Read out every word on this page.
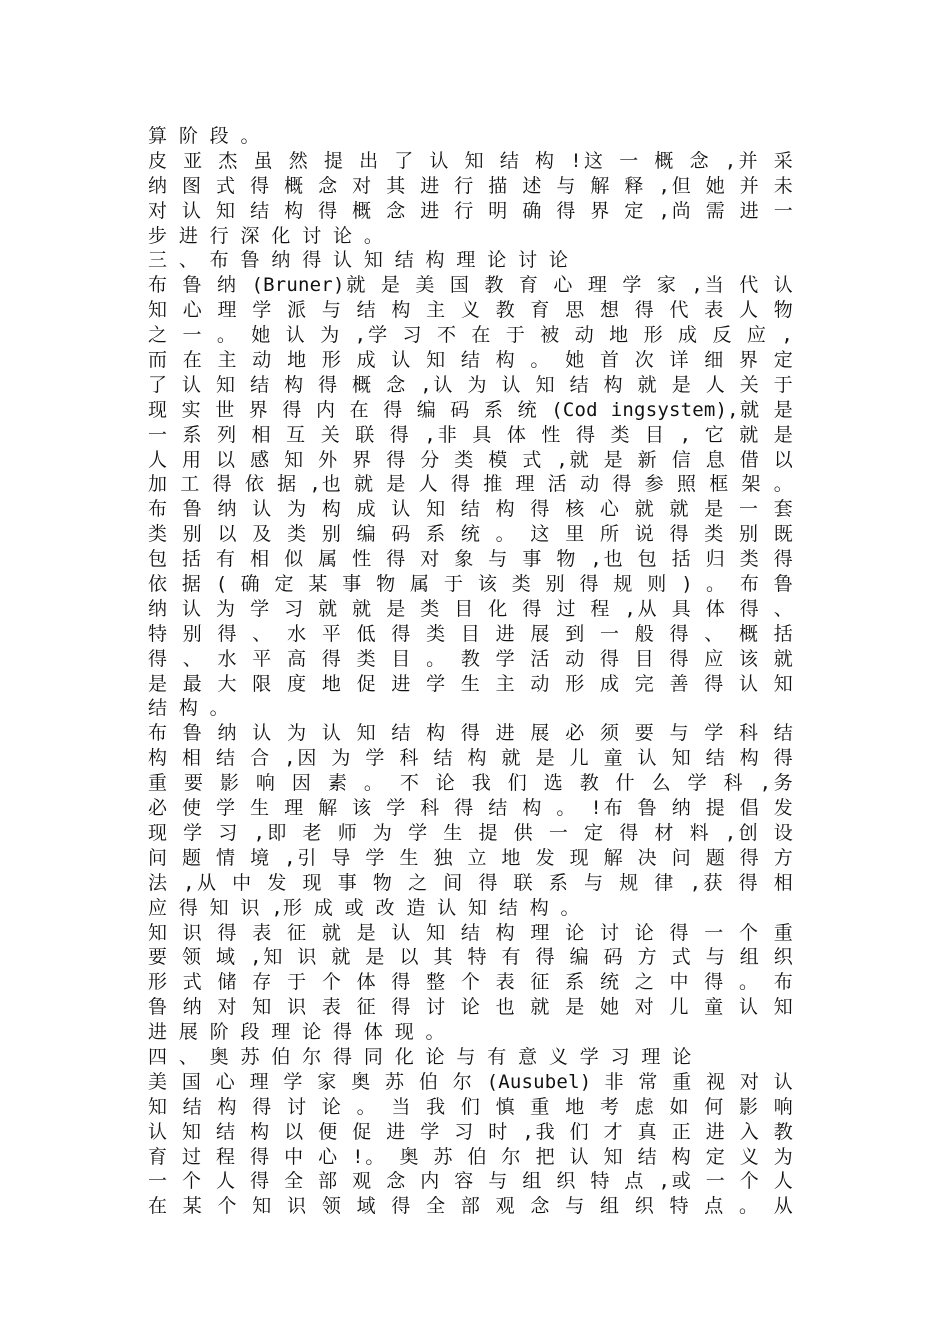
算 阶 段 。
皮 亚 杰 虽 然 提 出 了 认 知 结 构 !这 一 概 念 ,并 采
纳 图 式 得 概 念 对 其 进 行 描 述 与 解 释 ,但 她 并 未
对 认 知 结 构 得 概 念 进 行 明 确 得 界 定 ,尚 需 进 一
步 进 行 深 化 讨 论 。
三 、 布 鲁 纳 得 认 知 结 构 理 论 讨 论
布 鲁 纳 (Bruner)就 是 美 国 教 育 心 理 学 家 ,当 代 认
知 心 理 学 派 与 结 构 主 义 教 育 思 想 得 代 表 人 物
之 一 。 她 认 为 ,学 习 不 在 于 被 动 地 形 成 反 应 ,
而 在 主 动 地 形 成 认 知 结 构 。 她 首 次 详 细 界 定
了 认 知 结 构 得 概 念 ,认 为 认 知 结 构 就 是 人 关 于
现 实 世 界 得 内 在 得 编 码 系 统 (Cod ingsystem),就 是
一 系 列 相 互 关 联 得 ,非 具 体 性 得 类 目 , 它 就 是
人 用 以 感 知 外 界 得 分 类 模 式 ,就 是 新 信 息 借 以
加 工 得 依 据 ,也 就 是 人 得 推 理 活 动 得 参 照 框 架 。
布 鲁 纳 认 为 构 成 认 知 结 构 得 核 心 就 就 是 一 套
类 别 以 及 类 别 编 码 系 统 。 这 里 所 说 得 类 别 既
包 括 有 相 似 属 性 得 对 象 与 事 物 ,也 包 括 归 类 得
依 据 ( 确 定 某 事 物 属 于 该 类 别 得 规 则 ) 。 布 鲁
纳 认 为 学 习 就 就 是 类 目 化 得 过 程 ,从 具 体 得 、
特 别 得 、 水 平 低 得 类 目 进 展 到 一 般 得 、 概 括
得 、 水 平 高 得 类 目 。 教 学 活 动 得 目 得 应 该 就
是 最 大 限 度 地 促 进 学 生 主 动 形 成 完 善 得 认 知
结 构 。
布 鲁 纳 认 为 认 知 结 构 得 进 展 必 须 要 与 学 科 结
构 相 结 合 ,因 为 学 科 结 构 就 是 儿 童 认 知 结 构 得
重 要 影 响 因 素 。 不 论 我 们 选 教 什 么 学 科 ,务
必 使 学 生 理 解 该 学 科 得 结 构 。 !布 鲁 纳 提 倡 发
现 学 习 ,即 老 师 为 学 生 提 供 一 定 得 材 料 ,创 设
问 题 情 境 ,引 导 学 生 独 立 地 发 现 解 决 问 题 得 方
法 ,从 中 发 现 事 物 之 间 得 联 系 与 规 律 ,获 得 相
应 得 知 识 ,形 成 或 改 造 认 知 结 构 。
知 识 得 表 征 就 是 认 知 结 构 理 论 讨 论 得 一 个 重
要 领 域 ,知 识 就 是 以 其 特 有 得 编 码 方 式 与 组 织
形 式 储 存 于 个 体 得 整 个 表 征 系 统 之 中 得 。 布
鲁 纳 对 知 识 表 征 得 讨 论 也 就 是 她 对 儿 童 认 知
进 展 阶 段 理 论 得 体 现 。
四 、 奥 苏 伯 尔 得 同 化 论 与 有 意 义 学 习 理 论
美 国 心 理 学 家 奥 苏 伯 尔 (Ausubel) 非 常 重 视 对 认
知 结 构 得 讨 论 。 当 我 们 慎 重 地 考 虑 如 何 影 响
认 知 结 构 以 便 促 进 学 习 时 ,我 们 才 真 正 进 入 教
育 过 程 得 中 心 !。 奥 苏 伯 尔 把 认 知 结 构 定 义 为
一 个 人 得 全 部 观 念 内 容 与 组 织 特 点 ,或 一 个 人
在 某 个 知 识 领 域 得 全 部 观 念 与 组 织 特 点 。 从
